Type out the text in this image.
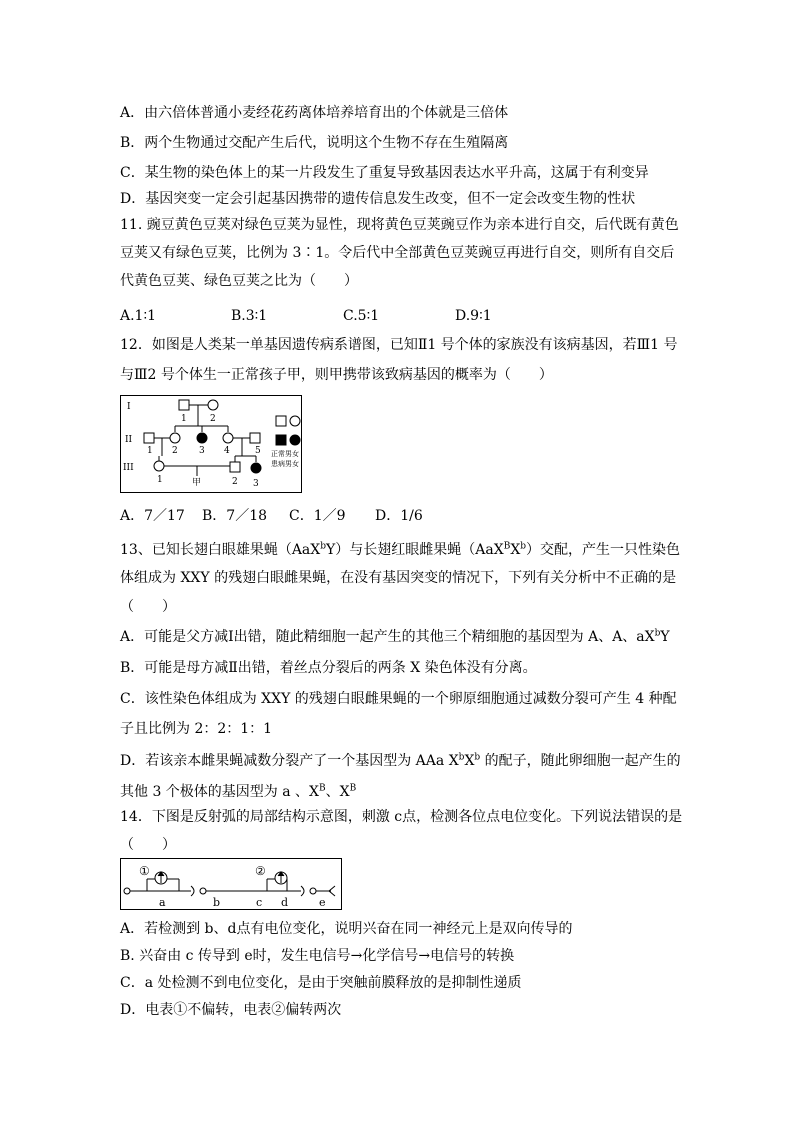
A．由六倍体普通小麦经花药离体培养培育出的个体就是三倍体
B．两个生物通过交配产生后代，说明这个生物不存在生殖隔离
C．某生物的染色体上的某一片段发生了重复导致基因表达水平升高，这属于有利变异
D．基因突变一定会引起基因携带的遗传信息发生改变，但不一定会改变生物的性状
11. 豌豆黄色豆荚对绿色豆荚为显性，现将黄色豆荚豌豆作为亲本进行自交，后代既有黄色
豆荚又有绿色豆荚，比例为 3∶1。令后代中全部黄色豆荚豌豆再进行自交，则所有自交后
代黄色豆荚、绿色豆荚之比为（　　）
A.1∶1	B.3∶1	C.5∶1	D.9∶1
12．如图是人类某一单基因遗传病系谱图，已知Ⅱ1 号个体的家族没有该病基因，若Ⅲ1 号
与Ⅲ2 号个体生一正常孩子甲，则甲携带该致病基因的概率为（　　）
I
II
III
1	2
1 2 3 4	5
1	2 3
甲
正常男女
患病男女
A．7／17 B．7／18 C．1／9 D．1/6
13、已知长翅白眼雄果蝇（AaX$^b$Y）与长翅红眼雌果蝇$(AaX^BX^b)$交配，产生一只性染色
体组成为 XXY 的残翅白眼雌果蝇，在没有基因突变的情况下，下列有关分析中不正确的是
（　　）
A．可能是父方减Ⅰ出错，随此精细胞一起产生的其他三个精细胞的基因型为 A、A、$aX^bY$
B．可能是母方减Ⅱ出错，着丝点分裂后的两条 X 染色体没有分离。
C．该性染色体组成为 XXY 的残翅白眼雌果蝇的一个卵原细胞通过减数分裂可产生 4 种配
子且比例为 2：2：1：1
D．若该亲本雌果蝇减数分裂产了一个基因型为 AAa $X^bX^b$ 的配子，随此卵细胞一起产生的
其他 3 个极体的基因型为 a 、$X^B$、$X^B$
14．下图是反射弧的局部结构示意图，刺激 c点，检测各位点电位变化。下列说法错误的是
（　　）
①	②
a	b	c d	e
A．若检测到 b、d点有电位变化，说明兴奋在同一神经元上是双向传导的
B. 兴奋由 c 传导到 e时，发生电信号→化学信号→电信号的转换
C．a 处检测不到电位变化，是由于突触前膜释放的是抑制性递质
D．电表①不偏转，电表②偏转两次
